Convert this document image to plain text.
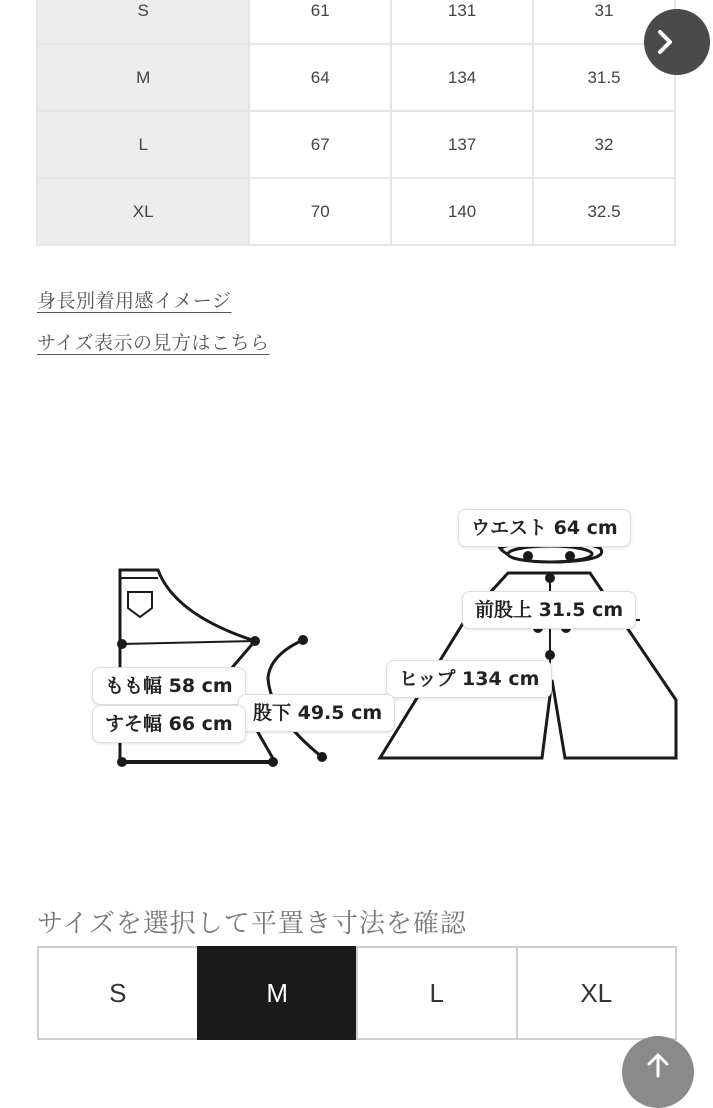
S	61	131	31
M	64	134	31.5
L	67	137	32
XL	70	140	32.5
身長別着用感イメージ
サイズ表示の見方はこちら
ウエスト 64 cm
前股上 31.5 cm
ヒップ 134 cm
もも幅 58 cm
股下 49.5 cm
すそ幅 66 cm
サイズを選択して平置き寸法を確認
S	M	L	XL
